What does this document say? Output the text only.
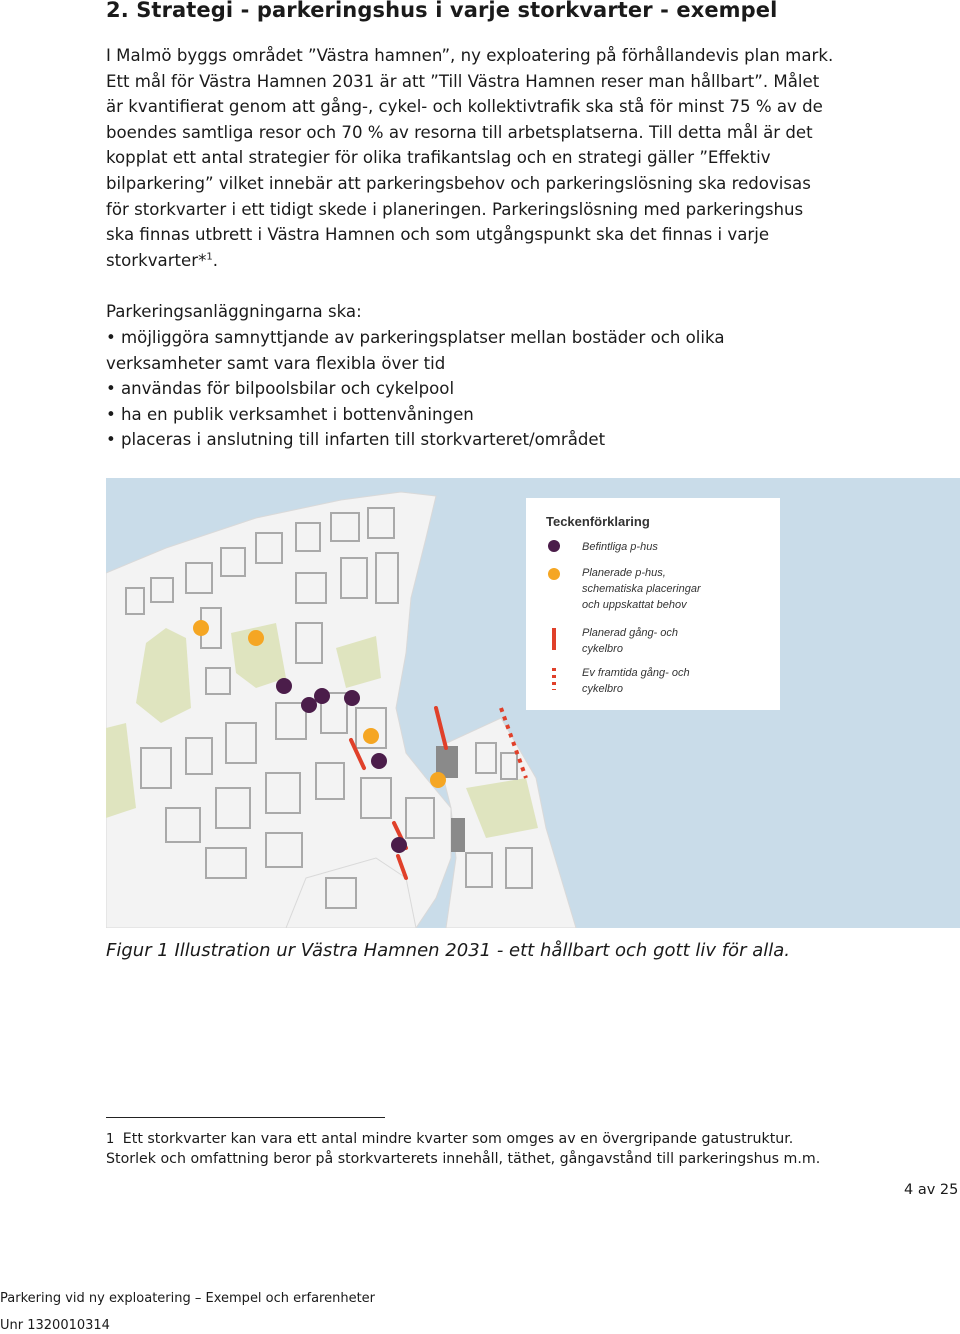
2. Strategi - parkeringshus i varje storkvarter - exempel

I Malmö byggs området ”Västra hamnen”, ny exploatering på förhållandevis plan mark. Ett mål för Västra Hamnen 2031 är att ”Till Västra Hamnen reser man hållbart”. Målet är kvantifierat genom att gång-, cykel- och kollektivtrafik ska stå för minst 75 % av de boendes samtliga resor och 70 % av resorna till arbetsplatserna. Till detta mål är det kopplat ett antal strategier för olika trafikantslag och en strategi gäller ”Effektiv bilparkering” vilket innebär att parkeringsbehov och parkeringslösning ska redovisas för storkvarter i ett tidigt skede i planeringen. Parkeringslösning med parkeringshus ska finnas utbrett i Västra Hamnen och som utgångspunkt ska det finnas i varje storkvarter*$^1$.

Parkeringsanläggningarna ska:

• möjliggöra samnyttjande av parkeringsplatser mellan bostäder och olika verksamheter samt vara flexibla över tid
• användas för bilpoolsbilar och cykelpool
• ha en publik verksamhet i bottenvåningen
• placeras i anslutning till infarten till storkvarteret/området
Teckenförklaring
Befintliga p-hus
Planerade p-hus, schematiska placeringar och uppskattat behov
Planerad gång- och cykelbro
Ev framtida gång- och cykelbro

Figur 1 Illustration ur Västra Hamnen 2031 - ett hållbart och gott liv för alla.

1 Ett storkvarter kan vara ett antal mindre kvarter som omges av en övergripande gatustruktur. Storlek och omfattning beror på storkvarterets innehåll, täthet, gångavstånd till parkeringshus m.m.

4 av 25
Parkering vid ny exploatering – Exempel och erfarenheter
Unr 1320010314
